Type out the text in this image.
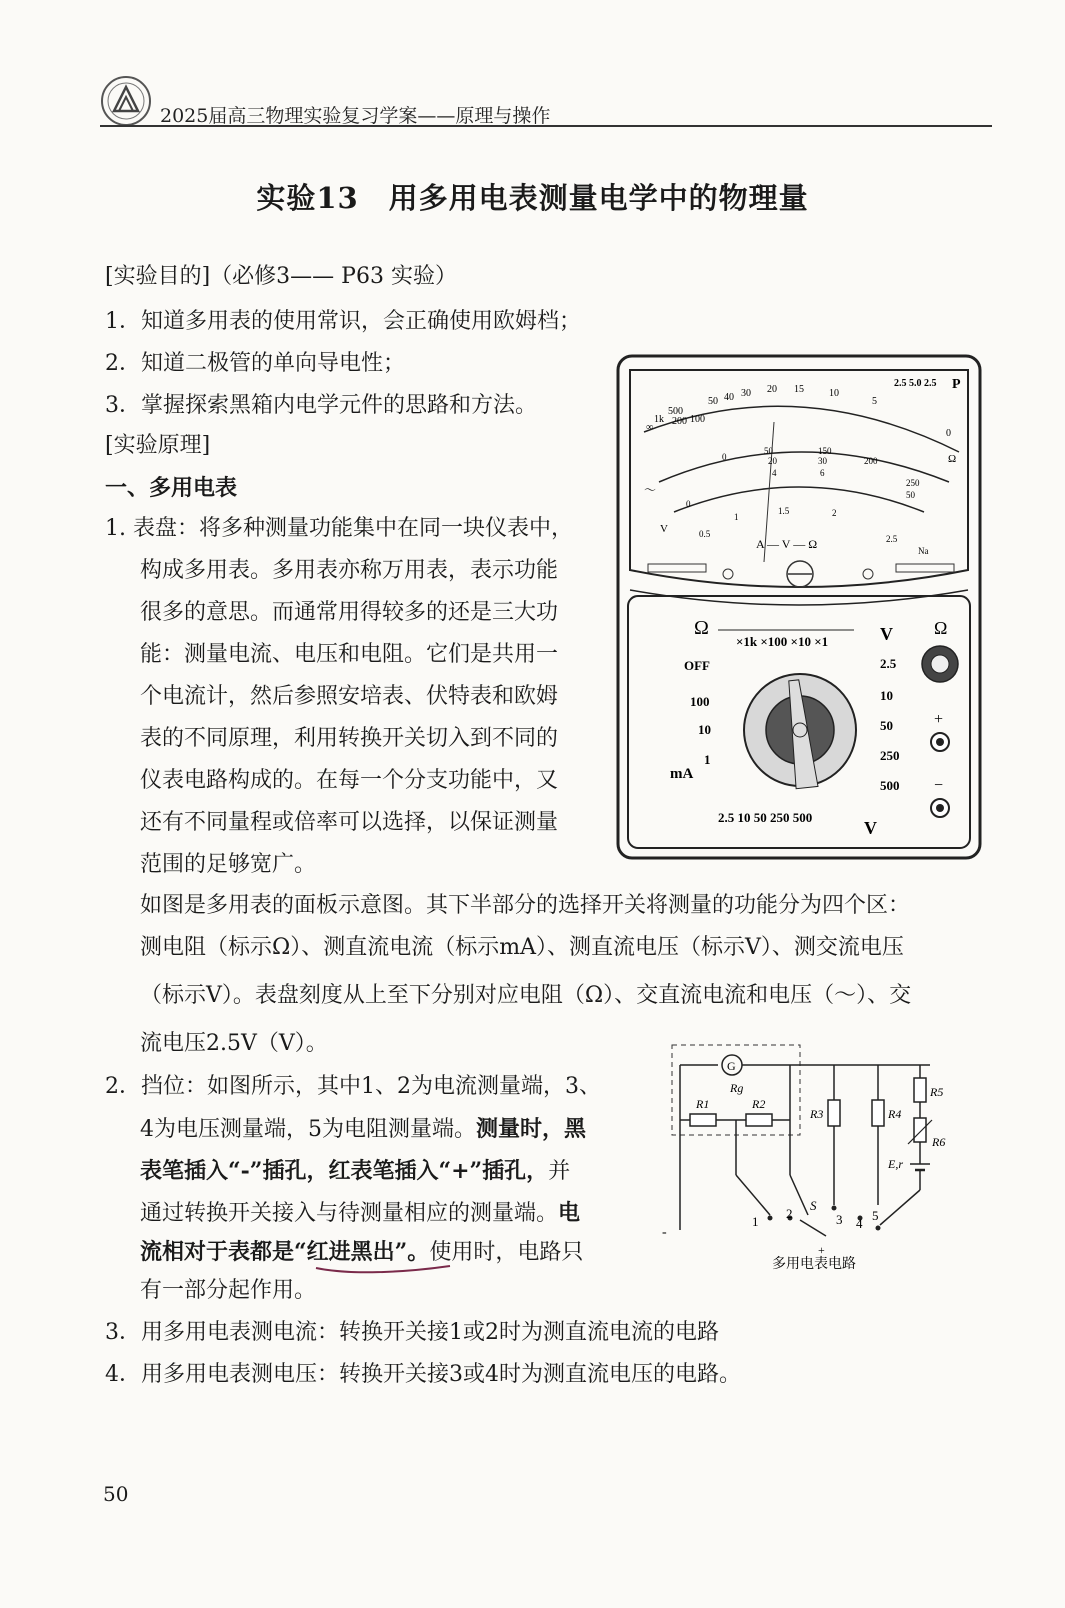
2025届高三物理实验复习学案——原理与操作
实验13　用多用电表测量电学中的物理量
[实验目的]（必修3—— P63 实验）
1．知道多用表的使用常识，会正确使用欧姆档；
2．知道二极管的单向导电性；
3．掌握探索黑箱内电学元件的思路和方法。
[实验原理]
一、多用电表
1. 表盘：将多种测量功能集中在同一块仪表中，
构成多用表。多用表亦称万用表，表示功能
很多的意思。而通常用得较多的还是三大功
能：测量电流、电压和电阻。它们是共用一
个电流计，然后参照安培表、伏特表和欧姆
表的不同原理，利用转换开关切入到不同的
仪表电路构成的。在每一个分支功能中，又
还有不同量程或倍率可以选择，以保证测量
范围的足够宽广。
如图是多用表的面板示意图。其下半部分的选择开关将测量的功能分为四个区：
测电阻（标示Ω）、测直流电流（标示mA）、测直流电压（标示V）、测交流电压
（标示V）。表盘刻度从上至下分别对应电阻（Ω）、交直流电流和电压（～）、交
流电压2.5V（V）。
2．挡位：如图所示，其中1、2为电流测量端，3、
4为电压测量端，5为电阻测量端。测量时，黑
表笔插入“-”插孔，红表笔插入“+”插孔，并
通过转换开关接入与待测量相应的测量端。电
流相对于表都是“红进黑出”。使用时，电路只
有一部分起作用。
3．用多用电表测电流：转换开关接1或2时为测直流电流的电路
4．用多用电表测电压：转换开关接3或4时为测直流电压的电路。
50
∞
1k
500
200 100
50 40 30 20 15	10
5
0
2.5 5.0 2.5 P
Ω
～
V
0
50
20
150
30	200
250
50
4	6
0
0.5
1
1.5	2
2.5
A — V — Ω	Na
Ω
×1k ×100 ×10 ×1	V
OFF
100
10
1
mA
2.5
10
50
250
500
2.5 10 50 250 500
V
Ω
+
−
G
Rg
R1	R2
R3	R4
R5
R6
E,r
1
2
S
3 4
5
-
+
多用电表电路
